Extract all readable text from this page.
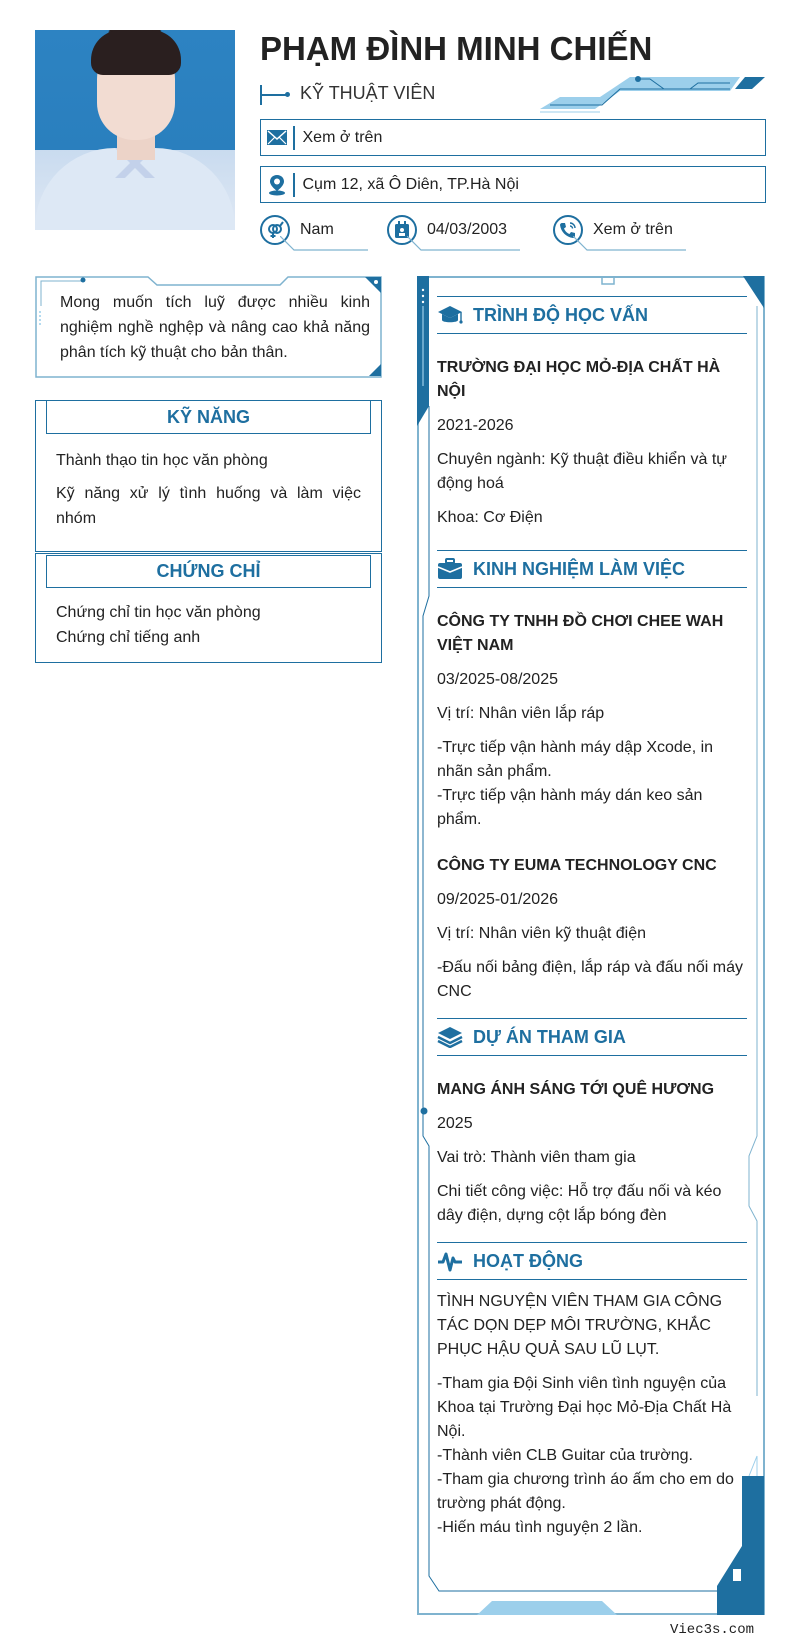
PHẠM ĐÌNH MINH CHIẾN
KỸ THUẬT VIÊN
Xem ở trên
Cụm 12, xã Ô Diên, TP.Hà Nội
Nam	04/03/2003	Xem ở trên

Mong muốn tích luỹ được nhiều kinh nghiệm nghề nghệp và nâng cao khả năng phân tích kỹ thuật cho bản thân.

KỸ NĂNG

Thành thạo tin học văn phòng

Kỹ năng xử lý tình huống và làm việc nhóm

CHỨNG CHỈ

Chứng chỉ tin học văn phòng

Chứng chỉ tiếng anh

TRÌNH ĐỘ HỌC VẤN
TRƯỜNG ĐẠI HỌC MỎ-ĐỊA CHẤT HÀ NỘI
2021-2026
Chuyên ngành: Kỹ thuật điều khiển và tự động hoá
Khoa: Cơ Điện
KINH NGHIỆM LÀM VIỆC
CÔNG TY TNHH ĐỒ CHƠI CHEE WAH VIỆT NAM
03/2025-08/2025
Vị trí: Nhân viên lắp ráp
-Trực tiếp vận hành máy dập Xcode, in nhãn sản phẩm.
-Trực tiếp vận hành máy dán keo sản phẩm.
CÔNG TY EUMA TECHNOLOGY CNC
09/2025-01/2026
Vị trí: Nhân viên kỹ thuật điện
-Đấu nối bảng điện, lắp ráp và đấu nối máy CNC
DỰ ÁN THAM GIA
MANG ÁNH SÁNG TỚI QUÊ HƯƠNG
2025
Vai trò: Thành viên tham gia
Chi tiết công việc: Hỗ trợ đấu nối và kéo dây điện, dựng cột lắp bóng đèn
HOẠT ĐỘNG
TÌNH NGUYỆN VIÊN THAM GIA CÔNG TÁC DỌN DẸP MÔI TRƯỜNG, KHẮC PHỤC HẬU QUẢ SAU LŨ LỤT.
-Tham gia Đội Sinh viên tình nguyện của Khoa tại Trường Đại học Mỏ-Địa Chất Hà Nội.
-Thành viên CLB Guitar của trường.
-Tham gia chương trình áo ấm cho em do trường phát động.
-Hiến máu tình nguyện 2 lần.
Viec3s.com
